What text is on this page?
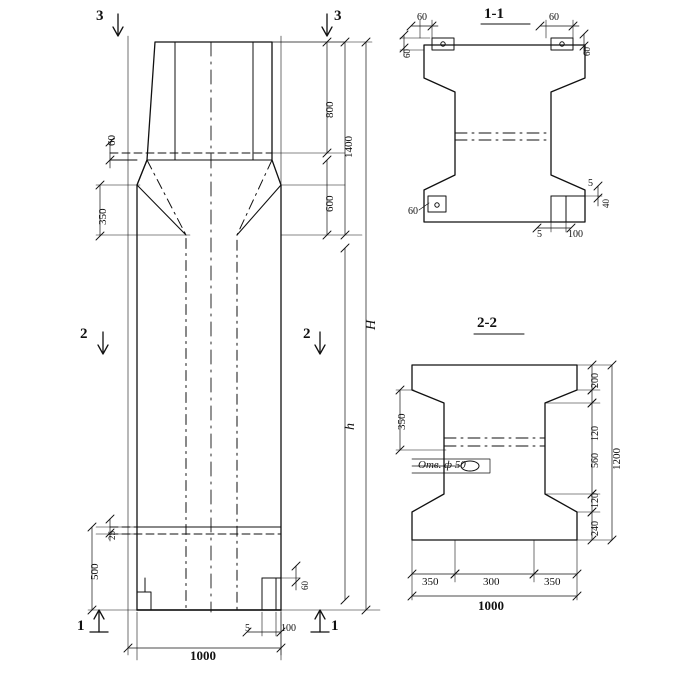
1-1
2-2
3	3
2	2
1	1
800
1400
600
h
H
60
350
25
500
1000
5	100
60
60	60
60	60
60
5	100
5
40
350
200
120
560
120
240
1200
350	300	350
1000
Отв. ф 50
